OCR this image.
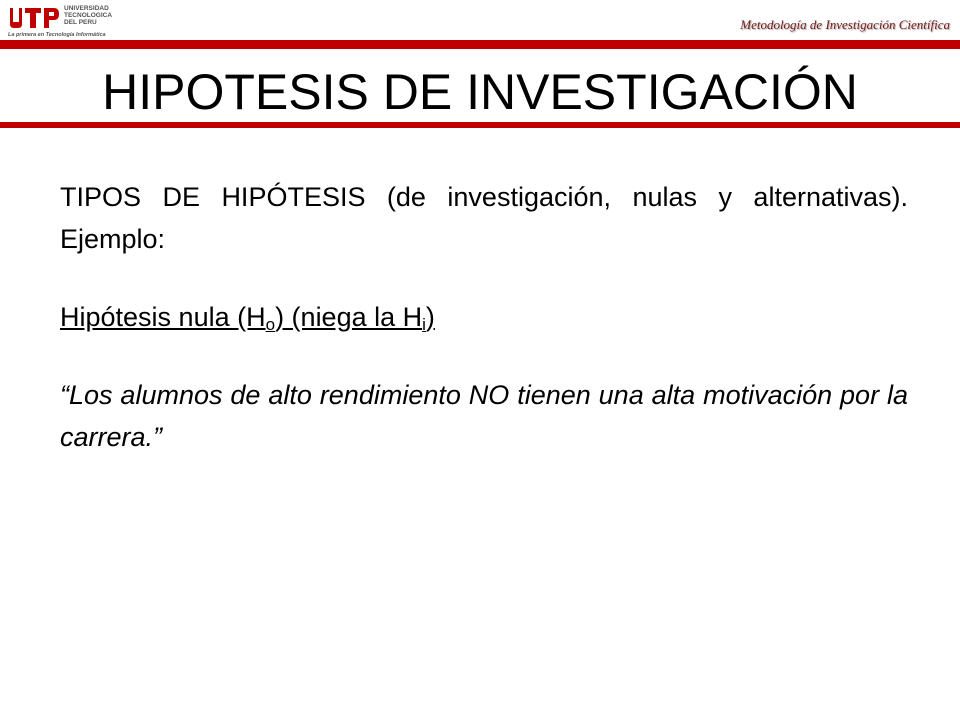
UNIVERSIDAD
TECNOLOGICA
DEL PERU
La primera en Tecnología Informática
Metodología de Investigación Científica
HIPOTESIS DE INVESTIGACIÓN

TIPOS DE HIPÓTESIS (de investigación, nulas y alternativas). Ejemplo:

Hipótesis nula $(H_o)$ (niega la $H_i$)

“Los alumnos de alto rendimiento NO tienen una alta motivación por la carrera.”
